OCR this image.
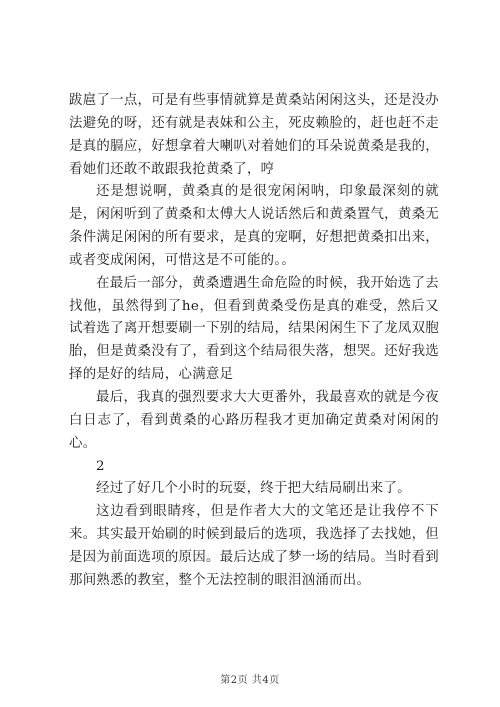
跋扈了一点，可是有些事情就算是黄桑站闲闲这头，还是没办法避免的呀，还有就是表妹和公主，死皮赖脸的，赶也赶不走是真的膈应，好想拿着大喇叭对着她们的耳朵说黄桑是我的，看她们还敢不敢跟我抢黄桑了，哼

还是想说啊，黄桑真的是很宠闲闲呐，印象最深刻的就是，闲闲听到了黄桑和太傅大人说话然后和黄桑置气，黄桑无条件满足闲闲的所有要求，是真的宠啊，好想把黄桑扣出来，或者变成闲闲，可惜这是不可能的。。

在最后一部分，黄桑遭遇生命危险的时候，我开始选了去找他，虽然得到了he，但看到黄桑受伤是真的难受，然后又试着选了离开想要刷一下别的结局，结果闲闲生下了龙凤双胞胎，但是黄桑没有了，看到这个结局很失落，想哭。还好我选择的是好的结局，心满意足

最后，我真的强烈要求大大更番外，我最喜欢的就是今夜白日志了，看到黄桑的心路历程我才更加确定黄桑对闲闲的心。

2

经过了好几个小时的玩耍，终于把大结局刷出来了。

这边看到眼睛疼，但是作者大大的文笔还是让我停不下来。其实最开始刷的时候到最后的选项，我选择了去找她，但是因为前面选项的原因。最后达成了梦一场的结局。当时看到那间熟悉的教室，整个无法控制的眼泪汹涌而出。

第2页 共4页
